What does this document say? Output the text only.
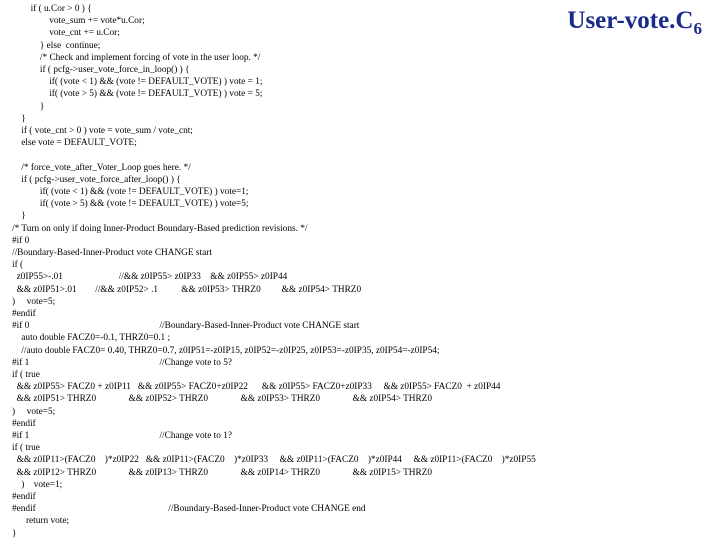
User-$vote.C_6$
if ( u.Cor > 0 ) {
vote_sum += vote*u.Cor;
vote_cnt += u.Cor;
} else  continue;
/* Check and implement forcing of vote in the user loop. */
if ( pcfg->user_vote_force_in_loop() ) {
if( (vote < 1) && (vote != DEFAULT_VOTE) ) vote = 1;
if( (vote > 5) && (vote != DEFAULT_VOTE) ) vote = 5;
}
}
if ( vote_cnt > 0 ) vote = vote_sum / vote_cnt;
else vote = DEFAULT_VOTE;
/* force_vote_after_Voter_Loop goes here. */
if ( pcfg->user_vote_force_after_loop() ) {
if( (vote < 1) && (vote != DEFAULT_VOTE) ) vote=1;
if( (vote > 5) && (vote != DEFAULT_VOTE) ) vote=5;
}
/* Turn on only if doing Inner-Product Boundary-Based prediction revisions. */
#if 0
//Boundary-Based-Inner-Product vote CHANGE start
if (
z0IP55>-.01                        //&& z0IP55> z0IP33    && z0IP55> z0IP44
&& z0IP51>.01        //&& z0IP52> .1          && z0IP53> THRZ0         && z0IP54> THRZ0
)     vote=5;
#endif
#if 0                                                        //Boundary-Based-Inner-Product vote CHANGE start
auto double FACZ0=-0.1, THRZ0=0.1 ;
//auto double FACZ0= 0.40, THRZ0=0.7, z0IP51=-z0IP15, z0IP52=-z0IP25, z0IP53=-z0IP35, z0IP54=-z0IP54;
#if 1                                                        //Change vote to 5?
if ( true
&& z0IP55> FACZ0 + z0IP11   && z0IP55> FACZ0+z0IP22      && z0IP55> FACZ0+z0IP33     && z0IP55> FACZ0  + z0IP44
&& z0IP51> THRZ0              && z0IP52> THRZ0              && z0IP53> THRZ0              && z0IP54> THRZ0
)     vote=5;
#endif
#if 1                                                        //Change vote to 1?
if ( true
&& z0IP11>(FACZ0    )*z0IP22   && z0IP11>(FACZ0    )*z0IP33     && z0IP11>(FACZ0    )*z0IP44     && z0IP11>(FACZ0    )*z0IP55
&& z0IP12> THRZ0              && z0IP13> THRZ0              && z0IP14> THRZ0              && z0IP15> THRZ0
)    vote=1;
#endif
#endif                                                         //Boundary-Based-Inner-Product vote CHANGE end
return vote;
}
